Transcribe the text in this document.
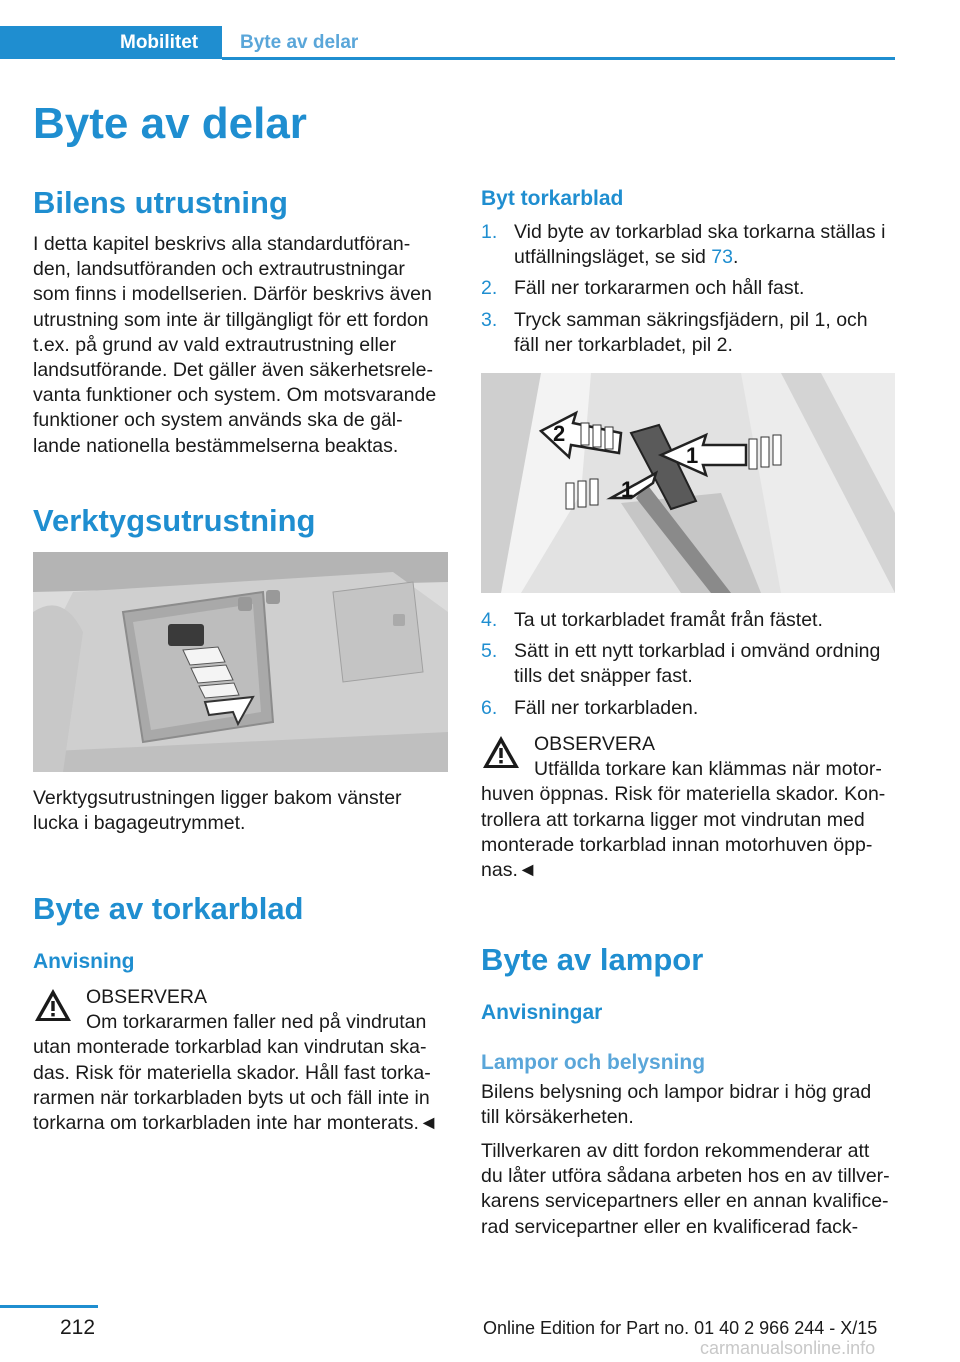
Mobilitet	Byte av delar
Byte av delar
Bilens utrustning
I detta kapitel beskrivs alla standardutföran-
den, landsutföranden och extrautrustningar
som finns i modellserien. Därför beskrivs även
utrustning som inte är tillgängligt för ett fordon
t.ex. på grund av vald extrautrustning eller
landsutförande. Det gäller även säkerhetsrele-
vanta funktioner och system. Om motsvarande
funktioner och system används ska de gäl-
lande nationella bestämmelserna beaktas.
Verktygsutrustning
Verktygsutrustningen ligger bakom vänster
lucka i bagageutrymmet.
Byte av torkarblad
Anvisning
OBSERVERA
Om torkararmen faller ned på vindrutan
utan monterade torkarblad kan vindrutan ska-
das. Risk för materiella skador. Håll fast torka-
rarmen när torkarbladen byts ut och fäll inte in
torkarna om torkarbladen inte har monterats.◄
Byt torkarblad
1. Vid byte av torkarblad ska torkarna ställas i
utfällningsläget, se sid 73.
2. Fäll ner torkararmen och håll fast.
3. Tryck samman säkringsfjädern, pil 1, och
fäll ner torkarbladet, pil 2.
2
1
1
4. Ta ut torkarbladet framåt från fästet.
5. Sätt in ett nytt torkarblad i omvänd ordning
tills det snäpper fast.
6. Fäll ner torkarbladen.
OBSERVERA
Utfällda torkare kan klämmas när motor-
huven öppnas. Risk för materiella skador. Kon-
trollera att torkarna ligger mot vindrutan med
monterade torkarblad innan motorhuven öpp-
nas.◄
Byte av lampor
Anvisningar
Lampor och belysning
Bilens belysning och lampor bidrar i hög grad
till körsäkerheten.
Tillverkaren av ditt fordon rekommenderar att
du låter utföra sådana arbeten hos en av tillver-
karens servicepartners eller en annan kvalifice-
rad servicepartner eller en kvalificerad fack-
212	Online Edition for Part no. 01 40 2 966 244 - X/15
carmanualsonline.info
